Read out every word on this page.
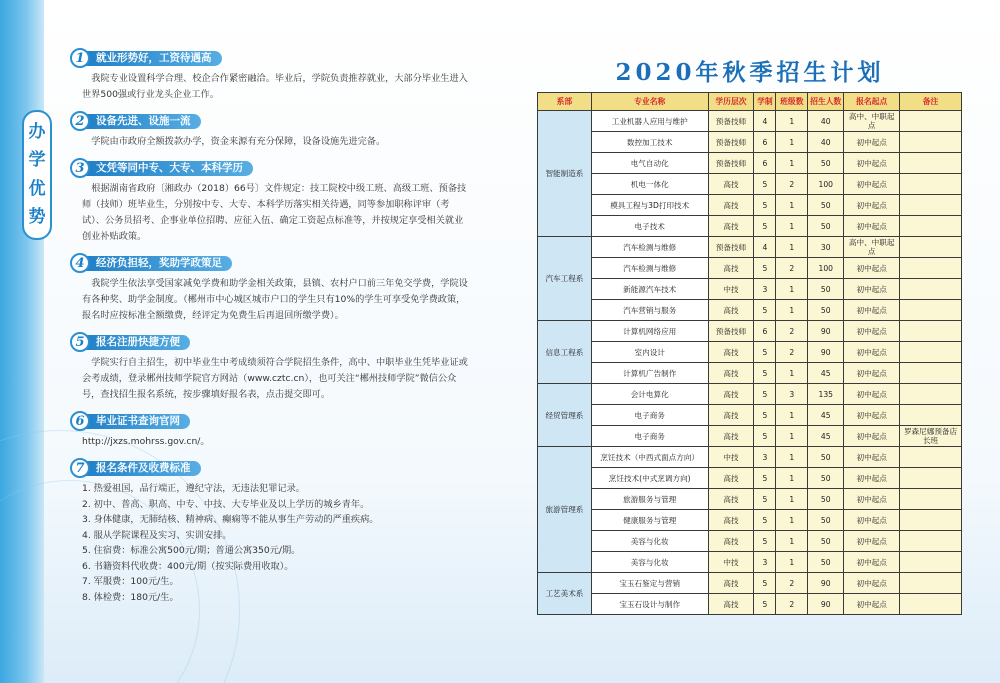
办
学
优
势
1	就业形势好，工资待遇高

我院专业设置科学合理、校企合作紧密融洽。毕业后，学院负责推荐就业，大部分毕业生进入世界500强或行业龙头企业工作。

2	设备先进、设施一流

学院由市政府全额拨款办学，资金来源有充分保障，设备设施先进完备。

3	文凭等同中专、大专、本科学历

根据湖南省政府〔湘政办（2018）66号〕文件规定：技工院校中级工班、高级工班、预备技师（技师）班毕业生，分别按中专、大专、本科学历落实相关待遇，同等参加职称评审（考试）、公务员招考、企事业单位招聘、应征入伍、确定工资起点标准等，并按规定享受相关就业创业补贴政策。

4	经济负担轻，奖助学政策足

我院学生依法享受国家减免学费和助学金相关政策，县镇、农村户口前三年免交学费，学院设有各种奖、助学金制度。（郴州市中心城区城市户口的学生只有10%的学生可享受免学费政策，报名时应按标准全额缴费，经评定为免费生后再退回所缴学费）。

5	报名注册快捷方便

学院实行自主招生，初中毕业生中考成绩须符合学院招生条件，高中、中职毕业生凭毕业证或会考成绩，登录郴州技师学院官方网站（www.cztc.cn），也可关注“郴州技师学院”微信公众号，查找招生报名系统，按步骤填好报名表，点击提交即可。

6	毕业证书查询官网

http://jxzs.mohrss.gov.cn/。

7	报名条件及收费标准

1. 热爱祖国，品行端正，遵纪守法，无违法犯罪记录。

2. 初中、普高、职高、中专、中技、大专毕业及以上学历的城乡青年。

3. 身体健康，无肺结核、精神病、癫痫等不能从事生产劳动的严重疾病。

4. 服从学院课程及实习、实训安排。

5. 住宿费：标准公寓500元/期；普通公寓350元/期。

6. 书籍资料代收费：400元/期（按实际费用收取）。

7. 军服费：100元/生。

8. 体检费：180元/生。

2020年秋季招生计划
系部	专业名称	学历层次	学制	班级数	招生人数	报名起点	备注
智能制造系	工业机器人应用与维护	预备技师	4	1	40	高中、中职起点	
	数控加工技术	预备技师	6	1	40	初中起点	
	电气自动化	预备技师	6	1	50	初中起点	
	机电一体化	高技	5	2	100	初中起点	
	模具工程与3D打印技术	高技	5	1	50	初中起点	
	电子技术	高技	5	1	50	初中起点	
汽车工程系	汽车检测与维修	预备技师	4	1	30	高中、中职起点	
	汽车检测与维修	高技	5	2	100	初中起点	
	新能源汽车技术	中技	3	1	50	初中起点	
	汽车营销与服务	高技	5	1	50	初中起点	
信息工程系	计算机网络应用	预备技师	6	2	90	初中起点	
	室内设计	高技	5	2	90	初中起点	
	计算机广告制作	高技	5	1	45	初中起点	
经贸管理系	会计电算化	高技	5	3	135	初中起点	
	电子商务	高技	5	1	45	初中起点	
	电子商务	高技	5	1	45	初中起点	罗森尼娜预备店长班
旅游管理系	烹饪技术（中西式面点方向）	中技	3	1	50	初中起点	
	烹饪技术(中式烹调方向)	高技	5	1	50	初中起点	
	旅游服务与管理	高技	5	1	50	初中起点	
	健康服务与管理	高技	5	1	50	初中起点	
	美容与化妆	高技	5	1	50	初中起点	
	美容与化妆	中技	3	1	50	初中起点	
工艺美术系	宝玉石鉴定与营销	高技	5	2	90	初中起点	
	宝玉石设计与制作	高技	5	2	90	初中起点	
